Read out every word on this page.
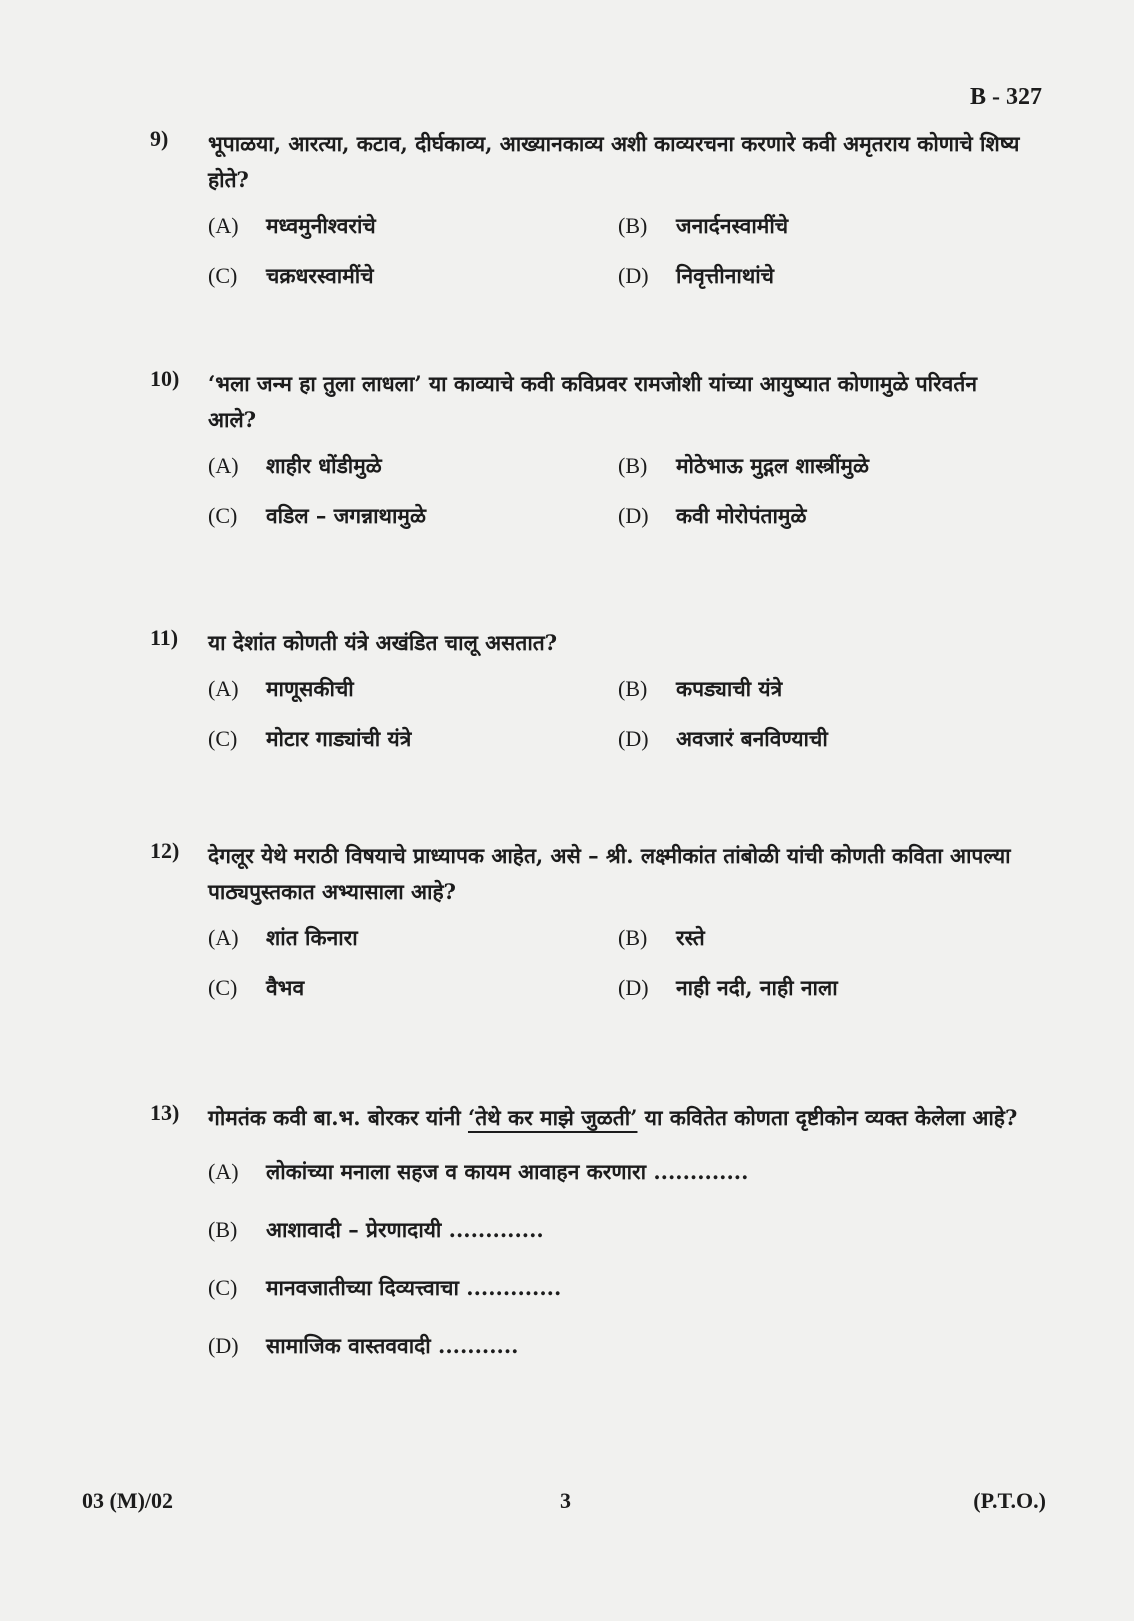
B - 327
9) भूपाळया, आरत्या, कटाव, दीर्घकाव्य, आख्यानकाव्य अशी काव्यरचना करणारे कवी अमृतराय कोणाचे शिष्य होते?
(A) मध्वमुनीश्वरांचे	(B) जनार्दनस्वामींचे
(C) चक्रधरस्वामींचे	(D) निवृत्तीनाथांचे
10) ‘भला जन्म हा तुला लाधला’ या काव्याचे कवी कविप्रवर रामजोशी यांच्या आयुष्यात कोणामुळे परिवर्तन आले?
(A) शाहीर धोंडीमुळे	(B) मोठेभाऊ मुद्गल शास्त्रींमुळे
(C) वडिल – जगन्नाथामुळे	(D) कवी मोरोपंतामुळे
11) या देशांत कोणती यंत्रे अखंडित चालू असतात?
(A) माणूसकीची	(B) कपड्याची यंत्रे
(C) मोटार गाड्यांची यंत्रे	(D) अवजारं बनविण्याची
12) देगलूर येथे मराठी विषयाचे प्राध्यापक आहेत, असे – श्री. लक्ष्मीकांत तांबोळी यांची कोणती कविता आपल्या पाठ्यपुस्तकात अभ्यासाला आहे?
(A) शांत किनारा	(B) रस्ते
(C) वैभव	(D) नाही नदी, नाही नाला
13) गोमतंक कवी बा.भ. बोरकर यांनी ‘तेथे कर माझे जुळती’ या कवितेत कोणता दृष्टीकोन व्यक्त केलेला आहे?
(A) लोकांच्या मनाला सहज व कायम आवाहन करणारा .............
(B) आशावादी – प्रेरणादायी .............
(C) मानवजातीच्या दिव्यत्त्वाचा .............
(D) सामाजिक वास्तववादी ...........
03 (M)/02	3	(P.T.O.)
